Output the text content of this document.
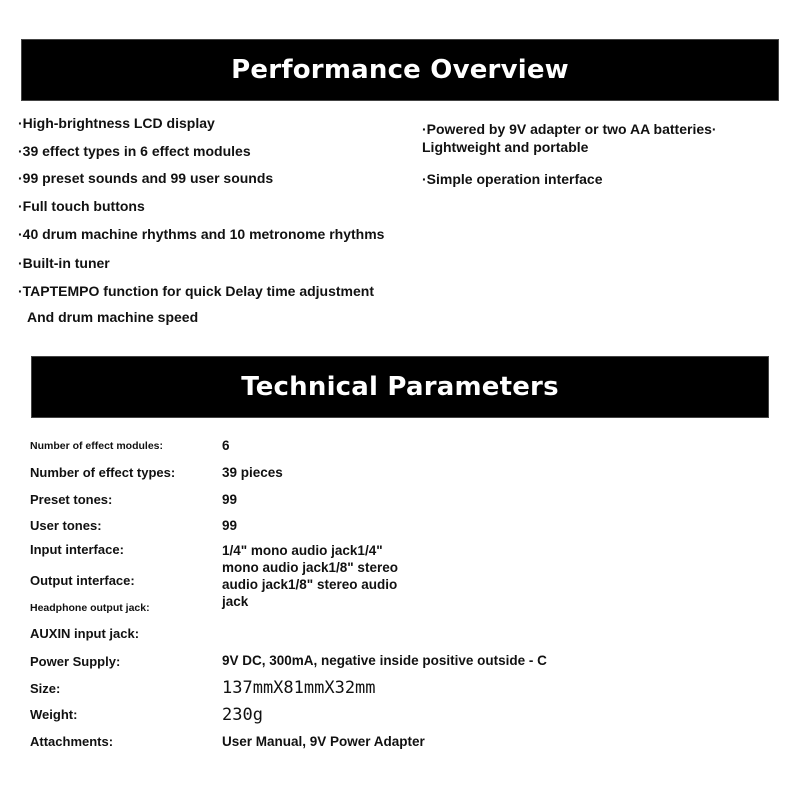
Performance Overview
·High-brightness LCD display
·39 effect types in 6 effect modules
·99 preset sounds and 99 user sounds
·Full touch buttons
·40 drum machine rhythms and 10 metronome rhythms
·Built-in tuner
·TAPTEMPO function for quick Delay time adjustment
And drum machine speed
·Powered by 9V adapter or two AA batteries· Lightweight and portable
·Simple operation interface
Technical Parameters
Number of effect modules:
Number of effect types:
Preset tones:
User tones:
Input interface:
Output interface:
Headphone output jack:
AUXIN input jack:
Power Supply:
Size:
Weight:
Attachments:
6
39 pieces
99
99
1/4" mono audio jack1/4" mono audio jack1/8" stereo audio jack1/8" stereo audio jack
9V DC, 300mA, negative inside positive outside - C
137mmX81mmX32mm
230g
User Manual, 9V Power Adapter
